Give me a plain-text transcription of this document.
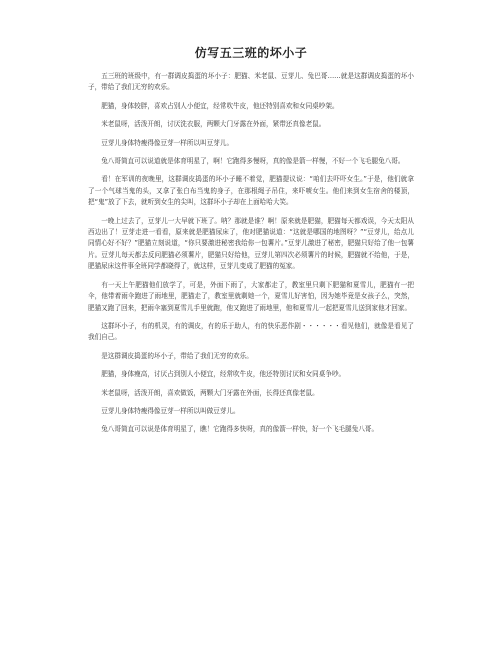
仿写五三班的坏小子

五三班的班级中，有一群调皮捣蛋的坏小子：肥猫、米老鼠、豆芽儿、兔巴哥……就是这群调皮捣蛋的坏小子，带给了我们无穷的欢乐。

肥猫，身体较胖，喜欢占别人小便宜，经常吹牛皮，他还特别喜欢和女同桌吵架。

米老鼠呀，活泼开朗，讨厌洗衣服，两颗大门牙露在外面，紧带还真像老鼠。

豆芽儿身体特瘦得像豆芽一样所以叫豆芽儿。

兔八哥简直可以说道就是体育明星了，啊！它跑得多慢呀，真的像是箭一样慢，不好一个飞毛腿兔八哥。

看！在军训的夜晚里，这群调皮捣蛋的坏小子睡不着觉，肥猫提议说：“咱们去吓吓女生。”于是，他们就拿了一个气球当鬼的头，又拿了张白布当鬼的身子，在那根绳子吊住，来吓唬女生。他们来到女生宿舍的楼顶，把“鬼”放了下去，就听到女生的尖叫，这群坏小子却在上面哈哈大笑。

一晚上过去了，豆芽儿一大早就下班了。呐？那就是谁？啊！原来就是肥猫，肥猫每天都戏误，今天太阳从西边出了！豆芽走进一看看，原来就是肥猫尿床了，他对肥猫说道：“这就是哪国的地图呀？”“豆芽儿，给点儿同情心好不好？”肥猫立刻说道，“你只要激进秘密我给你一包薯片。”豆芽儿激进了秘密，肥猫只好给了他一包薯片。豆芽儿每天都去反问肥猫必须薯片，肥猫只好给他，豆芽儿第四次必须薯片的时候，肥猫就不给他，于是，肥猫尿床这件事全班同学都晓得了，就这样，豆芽儿变成了肥猫的冤家。

有一天上午肥猫他们放学了，可是，外面下雨了，大家都走了，教室里只剩下肥猫和夏雪儿，肥猫有一把伞，他带着雨伞跑进了雨地里，肥猫走了，教室里就剩她一个，夏雪儿好害怕，因为她毕竟是女孩子么，突然，肥猫又跑了回来，把雨伞塞到夏雪儿手里就跑，他又跑进了雨地里，他和夏雪儿一起把夏雪儿送到家他才回家。

这群坏小子，有的机灵，有的调皮，有的乐于助人，有的快乐恶作剧・・・・・・看见他们，就像是看见了我们自己。

是这群调皮捣蛋的坏小子，带给了我们无穷的欢乐。

肥猫，身体瘦高，讨厌占到别人小便宜，经常吹牛皮，他还特别讨厌和女同桌争吵。

米老鼠呀，活泼开朗，喜欢做饭，两颗大门牙露在外面，长得还真像老鼠。

豆芽儿身体特瘦得像豆芽一样所以叫做豆芽儿。

兔八哥简直可以说是体育明星了，瞧！它跑得多快呀，真的像箭一样快，好一个飞毛腿兔八哥。
